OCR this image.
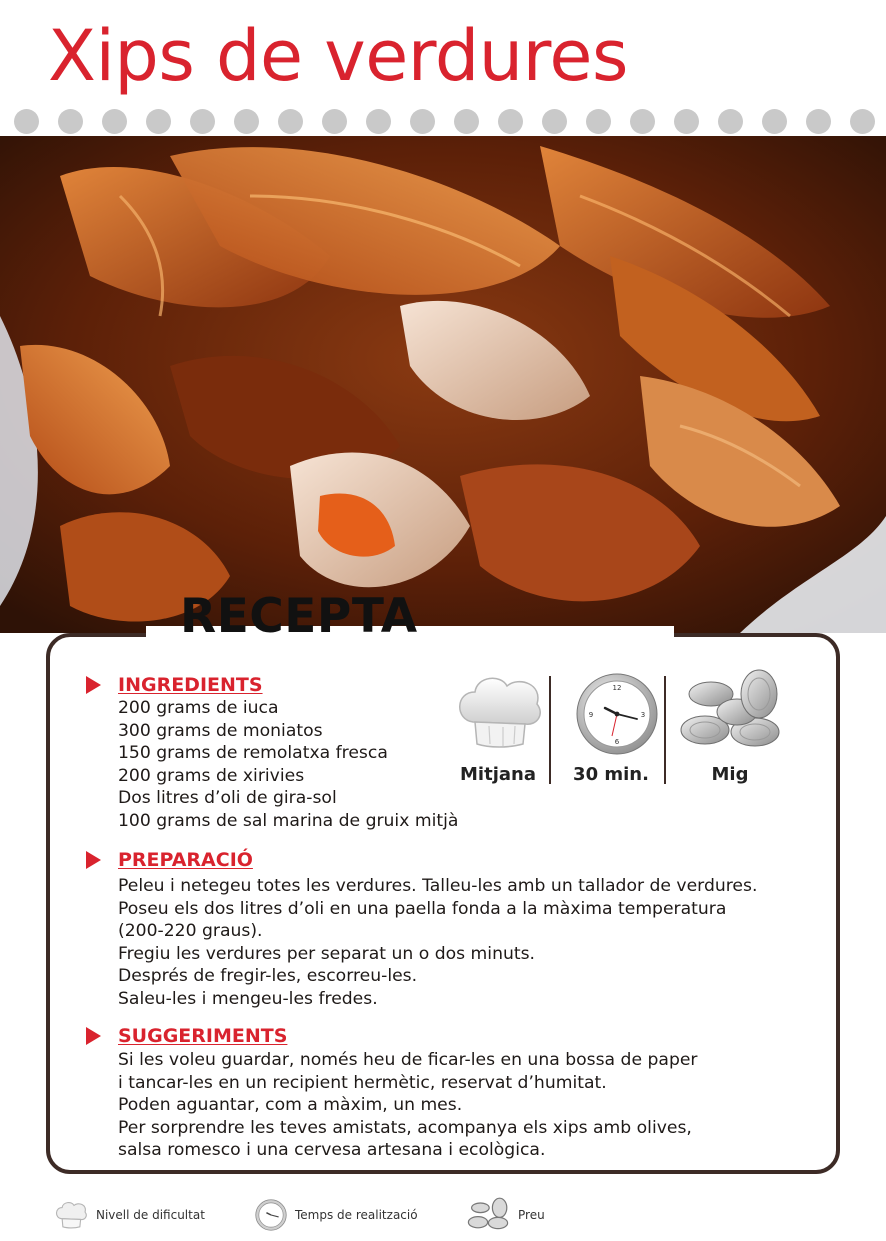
Xips de verdures
RECEPTA
INGREDIENTS
200 grams de iuca
300 grams de moniatos
150 grams de remolatxa fresca
200 grams de xirivies
Dos litres d’oli de gira-sol
100 grams de sal marina de gruix mitjà
PREPARACIÓ
Peleu i netegeu totes les verdures. Talleu-les amb un tallador de verdures.
Poseu els dos litres d’oli en una paella fonda a la màxima temperatura
(200-220 graus).
Fregiu les verdures per separat un o dos minuts.
Després de fregir-les, escorreu-les.
Saleu-les i mengeu-les fredes.
SUGGERIMENTS
Si les voleu guardar, només heu de ficar-les en una bossa de paper
i tancar-les en un recipient hermètic, reservat d’humitat.
Poden aguantar, com a màxim, un mes.
Per sorprendre les teves amistats, acompanya els xips amb olives,
salsa romesco i una cervesa artesana i ecològica.
Mitjana
12
3
6
9
30 min.	Mig
Nivell de dificultat	Temps de realització	Preu
